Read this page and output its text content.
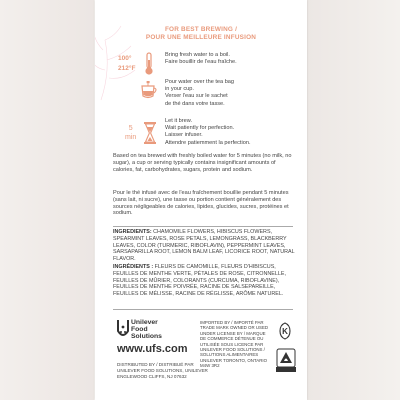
FOR BEST BREWING /
POUR UNE MEILLEURE INFUSION
100°
212°F
Bring fresh water to a boil.
Faire bouillir de l'eau fraîche.
Pour water over the tea bag
in your cup.
Verser l'eau sur le sachet
de thé dans votre tasse.
5
min
Let it brew.
Wait patiently for perfection.
Laisser infuser.
Attendre patiemment la perfection.
Based on tea brewed with freshly boiled water for 5 minutes (no milk, no sugar), a cup or serving typically contains insignificant amounts of calories, fat, carbohydrates, sugars, protein and sodium.
Pour le thé infusé avec de l'eau fraîchement bouillie pendant 5 minutes (sans lait, ni sucre), une tasse ou portion contient généralement des sources négligeables de calories, lipides, glucides, sucres, protéines et sodium.
INGREDIENTS: CHAMOMILE FLOWERS, HIBISCUS FLOWERS, SPEARMINT LEAVES, ROSE PETALS, LEMONGRASS, BLACKBERRY LEAVES, COLOR (TURMERIC, RIBOFLAVIN), PEPPERMINT LEAVES, SARSAPARILLA ROOT, LEMON BALM LEAF, LICORICE ROOT, NATURAL FLAVOR.
INGRÉDIENTS : FLEURS DE CAMOMILLE, FLEURS D'HIBISCUS, FEUILLES DE MENTHE VERTE, PÉTALES DE ROSE, CITRONNELLE, FEUILLES DE MÛRIER, COLORANTS (CURCUMA, RIBOFLAVINE), FEUILLES DE MENTHE POIVRÉE, RACINE DE SALSEPAREILLE, FEUILLES DE MÉLISSE, RACINE DE RÉGLISSE, ARÔME NATUREL.
Unilever
Food
Solutions
www.ufs.com
DISTRIBUTED BY / DISTRIBUÉ PAR UNILEVER FOOD SOLUTIONS, UNILEVER ENGLEWOOD CLIFFS, NJ 07632
IMPORTED BY / IMPORTÉ PAR TRADE MARK OWNED OR USED UNDER LICENSE BY / MARQUE DE COMMERCE DÉTENUE OU UTILISÉE SOUS LICENCE PAR UNILEVER FOOD SOLUTIONS / SOLUTIONS ALIMENTAIRES UNILEVER TORONTO, ONTARIO M4W 3R2
K
